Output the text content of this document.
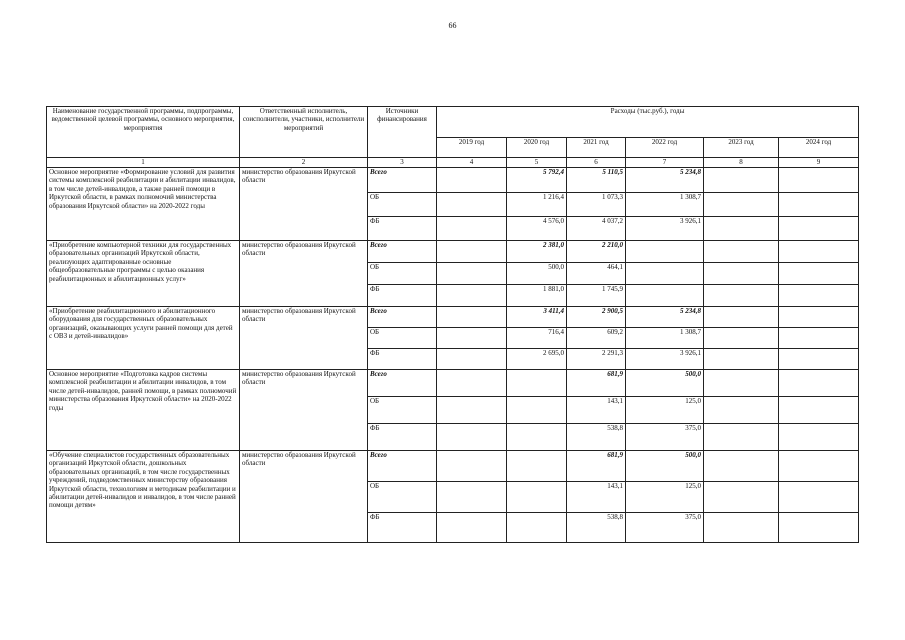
66
Наименование государственной программы, подпрограммы, ведомственной целевой программы, основного мероприятия, мероприятия	Ответственный исполнитель, соисполнители, участники, исполнители мероприятий	Источники финансирования	Расходы (тыс.руб.), годы					
			2019 год	2020 год	2021 год	2022 год	2023 год	2024 год
1	2	3	4	5	6	7	8	9
Основное мероприятие «Формирование условий для развития системы комплексной реабилитации и абилитации инвалидов, в том числе детей-инвалидов, а также ранней помощи в Иркутской области, в рамках полномочий министерства образования Иркутской области» на 2020-2022 годы	министерство образования Иркутской области	Всего		5 792,4	5 110,5	5 234,8		
		ОБ		1 216,4	1 073,3	1 308,7		
		ФБ		4 576,0	4 037,2	3 926,1		
«Приобретение компьютерной техники для государственных образовательных организаций Иркутской области, реализующих адаптированные основные общеобразовательные программы с целью оказания реабилитационных и абилитационных услуг»	министерство образования Иркутской области	Всего		2 381,0	2 210,0			
		ОБ		500,0	464,1			
		ФБ		1 881,0	1 745,9			
«Приобретение реабилитационного и абилитационного оборудования для государственных образовательных организаций, оказывающих услуги ранней помощи для детей с ОВЗ и детей-инвалидов»	министерство образования Иркутской области	Всего		3 411,4	2 900,5	5 234,8		
		ОБ		716,4	609,2	1 308,7		
		ФБ		2 695,0	2 291,3	3 926,1		
Основное мероприятие «Подготовка кадров системы комплексной реабилитации и абилитации инвалидов, в том числе детей-инвалидов, ранней помощи, в рамках полномочий министерства образования Иркутской области» на 2020-2022 годы	министерство образования Иркутской области	Всего			681,9	500,0		
		ОБ			143,1	125,0		
		ФБ			538,8	375,0		
«Обучение специалистов государственных образовательных организаций Иркутской области, дошкольных образовательных организаций, в том числе государственных учреждений, подведомственных министерству образования Иркутской области, технологиям и методикам реабилитации и абилитации детей-инвалидов и инвалидов, в том числе ранней помощи детям»	министерство образования Иркутской области	Всего			681,9	500,0		
		ОБ			143,1	125,0		
		ФБ			538,8	375,0		
